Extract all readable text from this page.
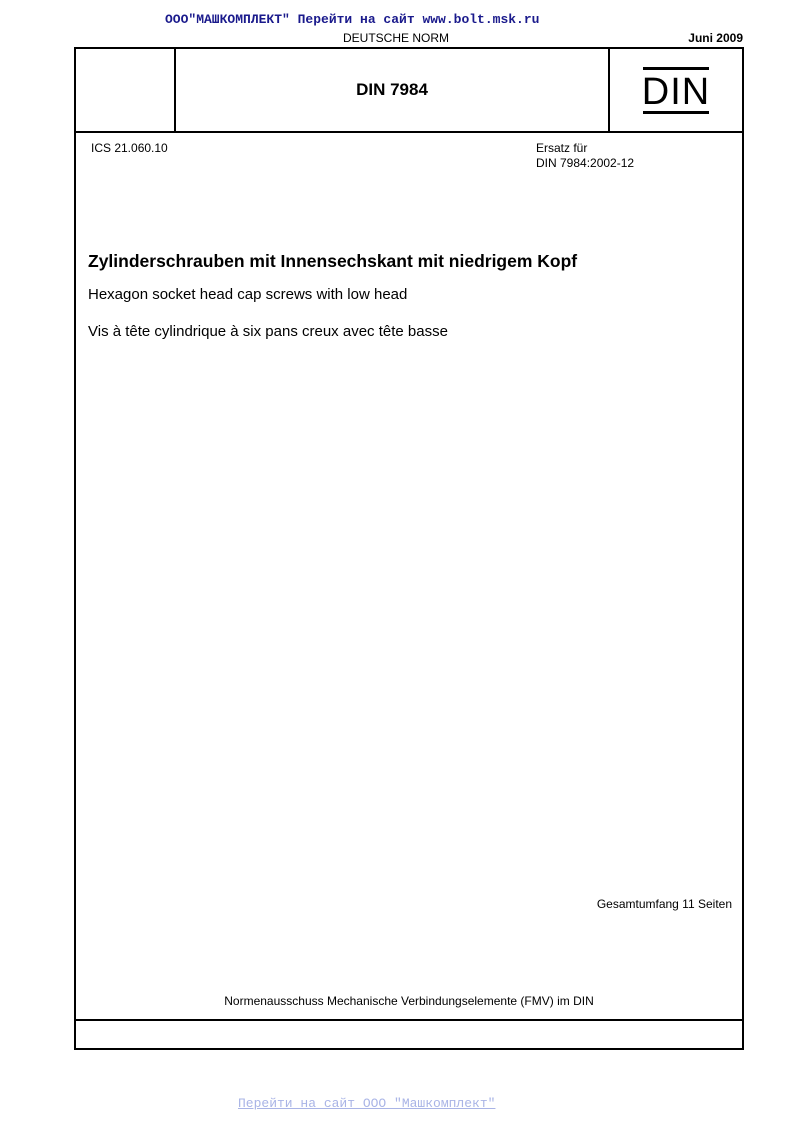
ООО"МАШКОМПЛЕКТ" Перейти на сайт www.bolt.msk.ru
DEUTSCHE NORM	Juni 2009
DIN 7984	DIN
ICS 21.060.10	Ersatz für
DIN 7984:2002-12
Zylinderschrauben mit Innensechskant mit niedrigem Kopf
Hexagon socket head cap screws with low head
Vis à tête cylindrique à six pans creux avec tête basse
Gesamtumfang 11 Seiten
Normenausschuss Mechanische Verbindungselemente (FMV) im DIN
Перейти на сайт ООО "Машкомплект"
